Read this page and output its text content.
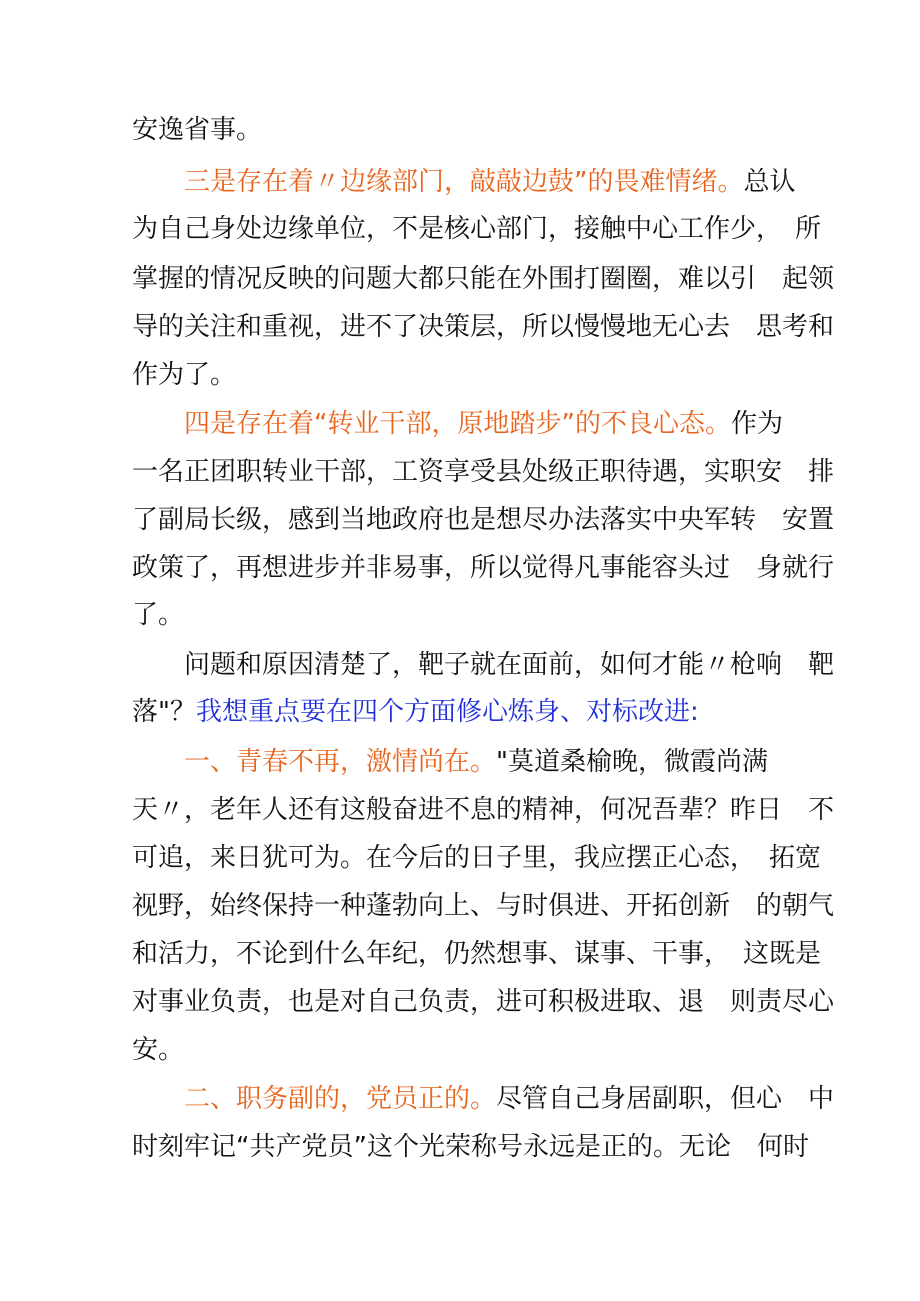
安逸省事。
三是存在着〃边缘部门，敲敲边鼓”的畏难情绪。总认
为自己身处边缘单位，不是核心部门，接触中心工作少，　所
掌握的情况反映的问题大都只能在外围打圈圈，难以引　起领
导的关注和重视，进不了决策层，所以慢慢地无心去　思考和
作为了。
四是存在着“转业干部，原地踏步”的不良心态。作为
一名正团职转业干部，工资享受县处级正职待遇，实职安　排
了副局长级，感到当地政府也是想尽办法落实中央军转　安置
政策了，再想进步并非易事，所以觉得凡事能容头过　身就行
了。
问题和原因清楚了，靶子就在面前，如何才能〃枪响　靶
落"？我想重点要在四个方面修心炼身、对标改进:
一、青春不再，激情尚在。"莫道桑榆晚，微霞尚满
天〃，老年人还有这般奋进不息的精神，何况吾辈？昨日　不
可追，来日犹可为。在今后的日子里，我应摆正心态，　拓宽
视野，始终保持一种蓬勃向上、与时俱进、开拓创新　的朝气
和活力，不论到什么年纪，仍然想事、谋事、干事，　这既是
对事业负责，也是对自己负责，进可积极进取、退　则责尽心
安。
二、职务副的，党员正的。尽管自己身居副职，但心　中
时刻牢记“共产党员”这个光荣称号永远是正的。无论　何时
